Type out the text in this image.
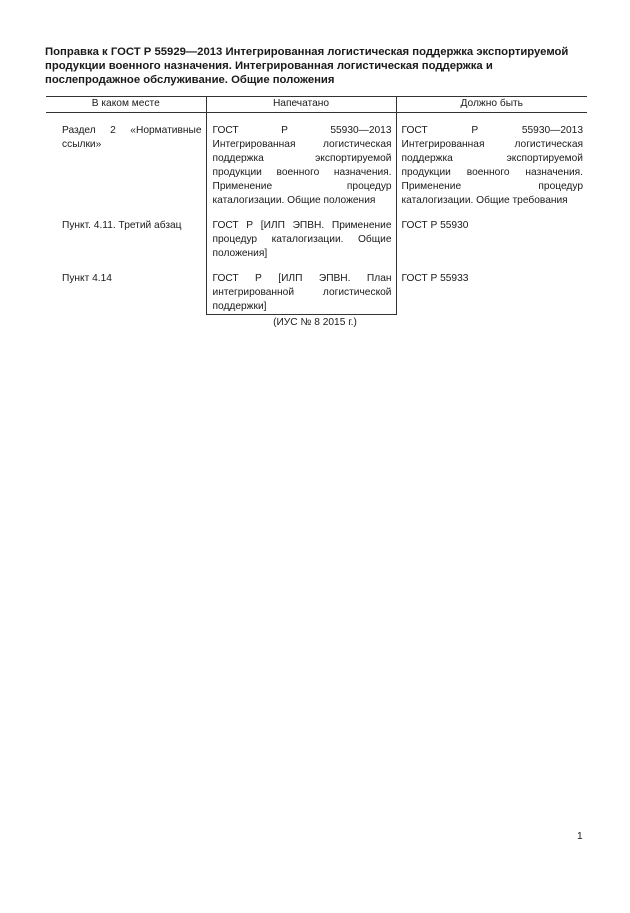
Поправка к ГОСТ Р 55929—2013 Интегрированная логистическая поддержка экспортируемой продукции военного назначения. Интегрированная логистическая поддержка и послепродажное обслуживание. Общие положения

В каком месте	Напечатано	Должно быть
Раздел 2 «Нормативные ссылки»	ГОСТ Р 55930—2013 Интегрированная логистическая поддержка экспортируемой продукции военного назначения. Применение процедур каталогизации. Общие положения	ГОСТ Р 55930—2013 Интегрированная логистическая поддержка экспортируемой продукции военного назначения. Применение процедур каталогизации. Общие требования
Пункт. 4.11. Третий абзац	ГОСТ Р [ИЛП ЭПВН. Применение процедур каталогизации. Общие положения]	ГОСТ Р 55930
Пункт 4.14	ГОСТ Р [ИЛП ЭПВН. План интегрированной логистической поддержки]	ГОСТ Р 55933
(ИУС № 8 2015 г.)
1
